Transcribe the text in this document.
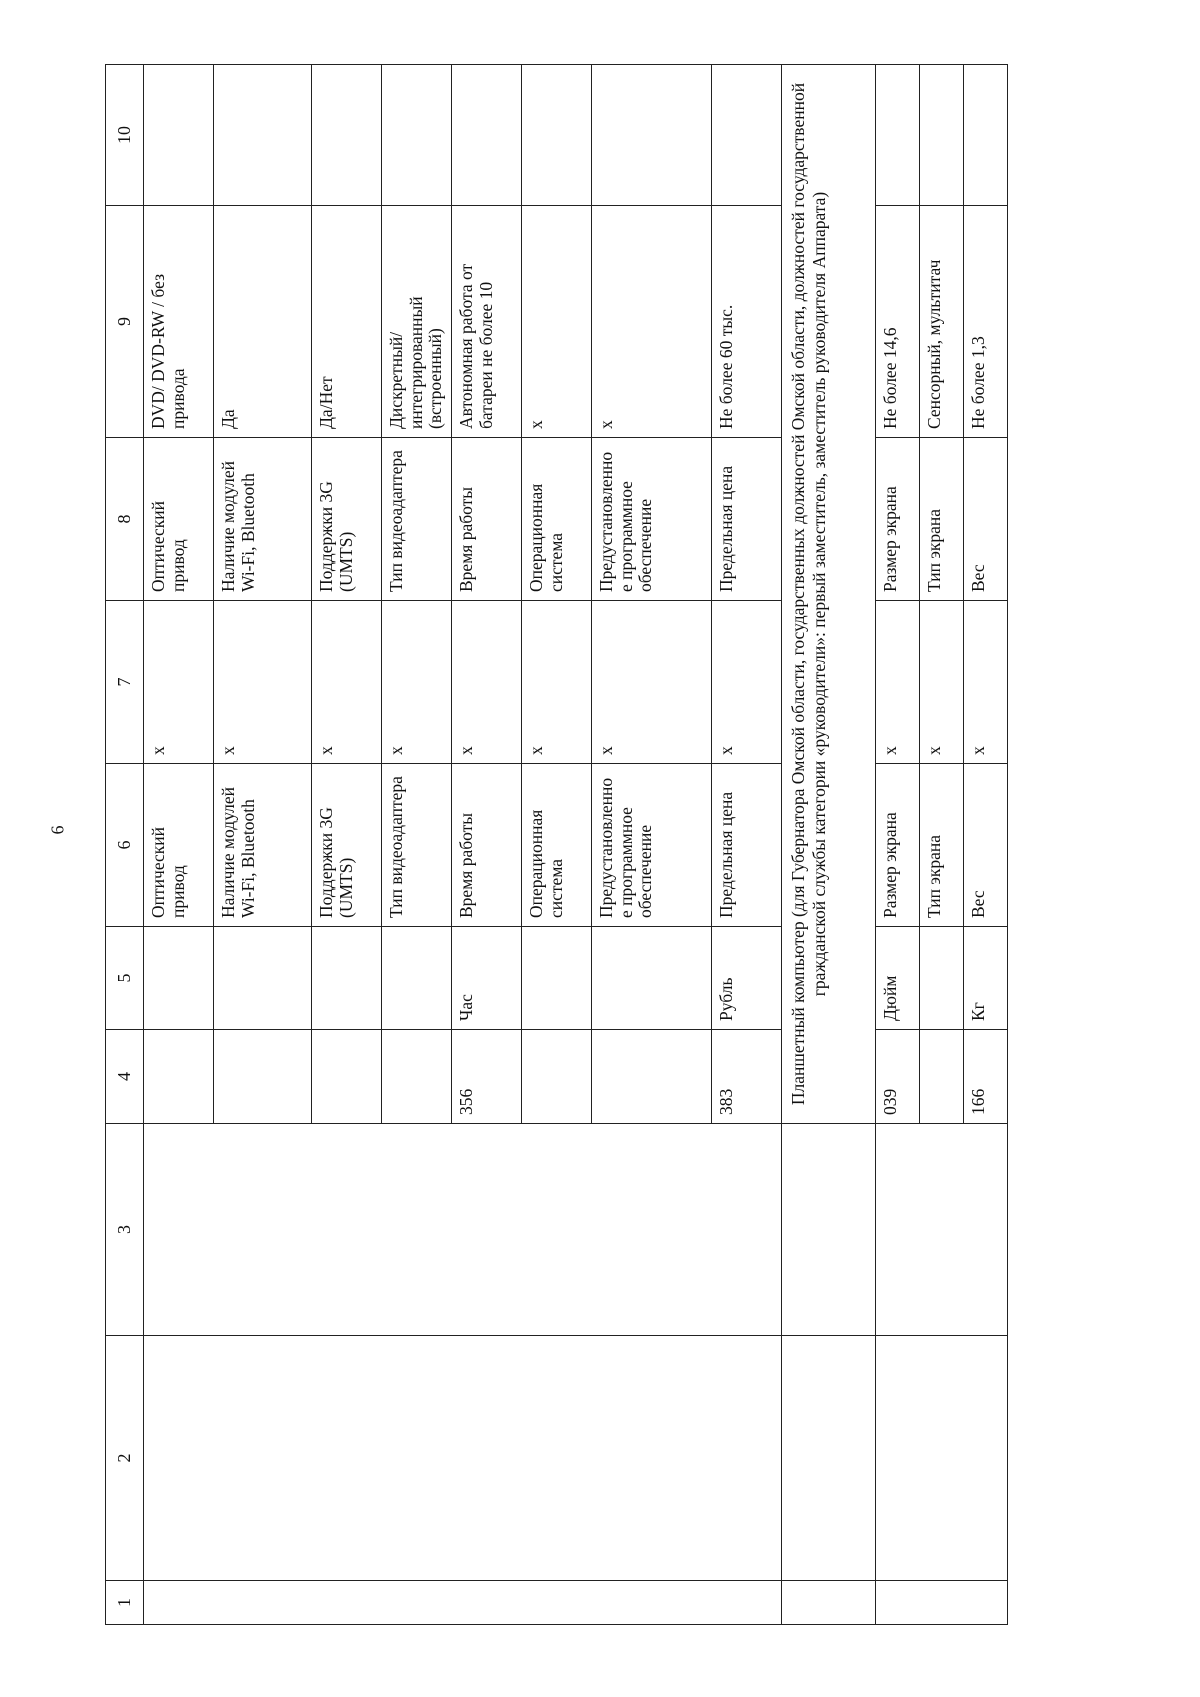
6
1	2	3	4	5	6	7	8	9	10
					Оптический привод	x	Оптический привод	DVD/ DVD-RW / без привода	
					Наличие модулей Wi-Fi, Bluetooth	x	Наличие модулей Wi-Fi, Bluetooth	Да	
					Поддержки 3G (UMTS)	x	Поддержки 3G (UMTS)	Да/Нет	
					Тип видеоадаптера	x	Тип видеоадаптера	Дискретный/интегрированный (встроенный)	
			356	Час	Время работы	x	Время работы	Автономная работа от батареи не более 10	
					Операционная система	x	Операционная система	x	
					Предустановленное программное обеспечение	x	Предустановленное программное обеспечение	x	
			383	Рубль	Предельная цена	x	Предельная цена	Не более 60 тыс.	
			Планшетный компьютер (для Губернатора Омской области, государственных должностей Омской области, должностей государственной гражданской службы категории «руководители»: первый заместитель, заместитель руководителя Аппарата)						
			039	Дюйм	Размер экрана	x	Размер экрана	Не более 14,6	
					Тип экрана	x	Тип экрана	Сенсорный, мультитач	
			166	Кг	Вес	x	Вес	Не более 1,3	
